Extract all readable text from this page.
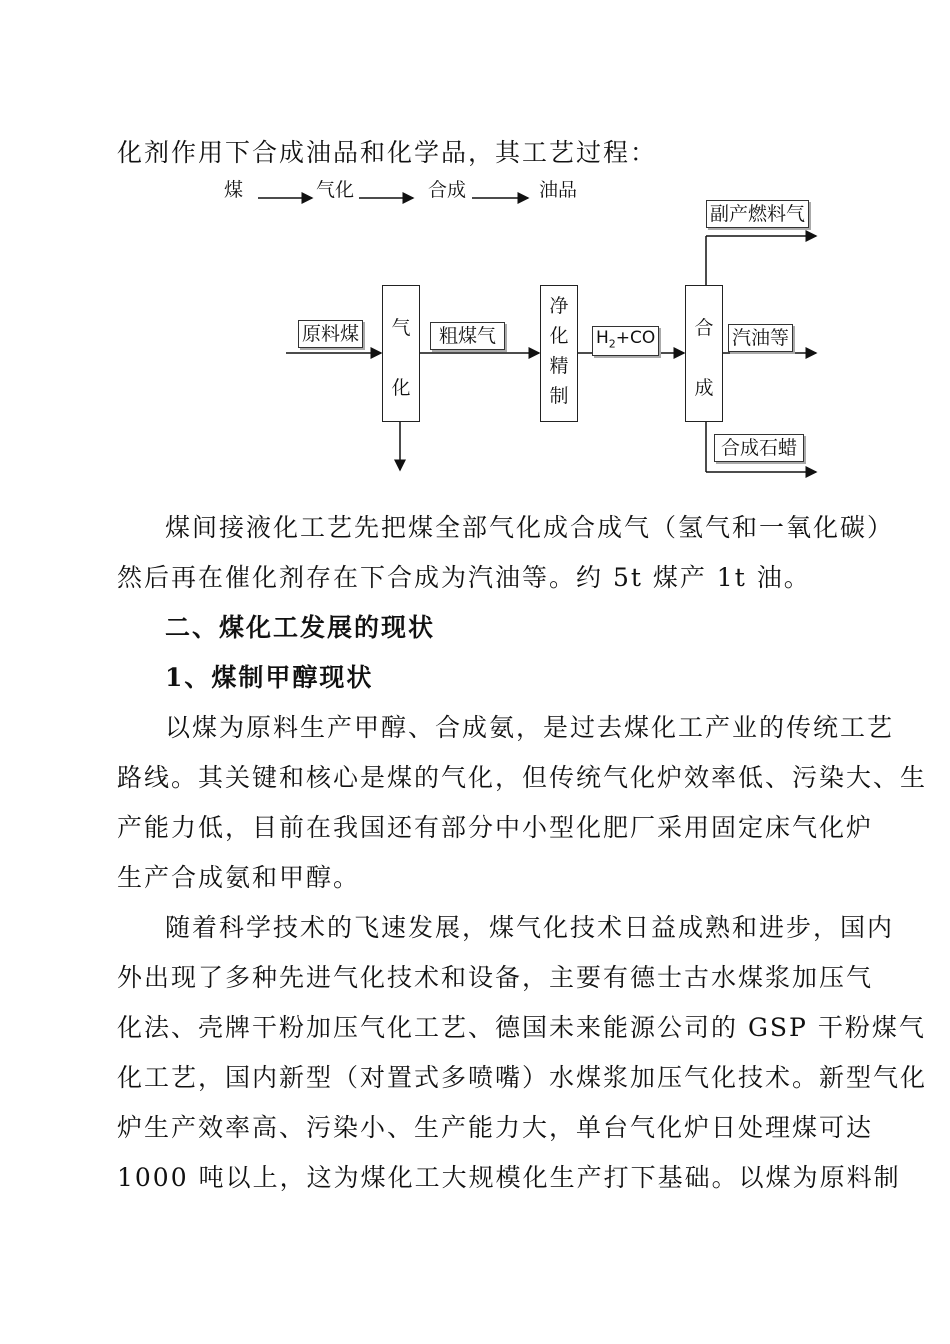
化剂作用下合成油品和化学品，其工艺过程：
煤	气化	合成	油品
气
化
净
化
精
制
合
成
原料煤	粗煤气	$H_2+CO$
副产燃料气
汽油等
合成石蜡
煤间接液化工艺先把煤全部气化成合成气（氢气和一氧化碳）
然后再在催化剂存在下合成为汽油等。约 5t 煤产 1t 油。
二、煤化工发展的现状
1、煤制甲醇现状
以煤为原料生产甲醇、合成氨，是过去煤化工产业的传统工艺
路线。其关键和核心是煤的气化，但传统气化炉效率低、污染大、生
产能力低，目前在我国还有部分中小型化肥厂采用固定床气化炉
生产合成氨和甲醇。
随着科学技术的飞速发展，煤气化技术日益成熟和进步，国内
外出现了多种先进气化技术和设备，主要有德士古水煤浆加压气
化法、壳牌干粉加压气化工艺、德国未来能源公司的 GSP 干粉煤气
化工艺，国内新型（对置式多喷嘴）水煤浆加压气化技术。新型气化
炉生产效率高、污染小、生产能力大，单台气化炉日处理煤可达
1000 吨以上，这为煤化工大规模化生产打下基础。以煤为原料制
